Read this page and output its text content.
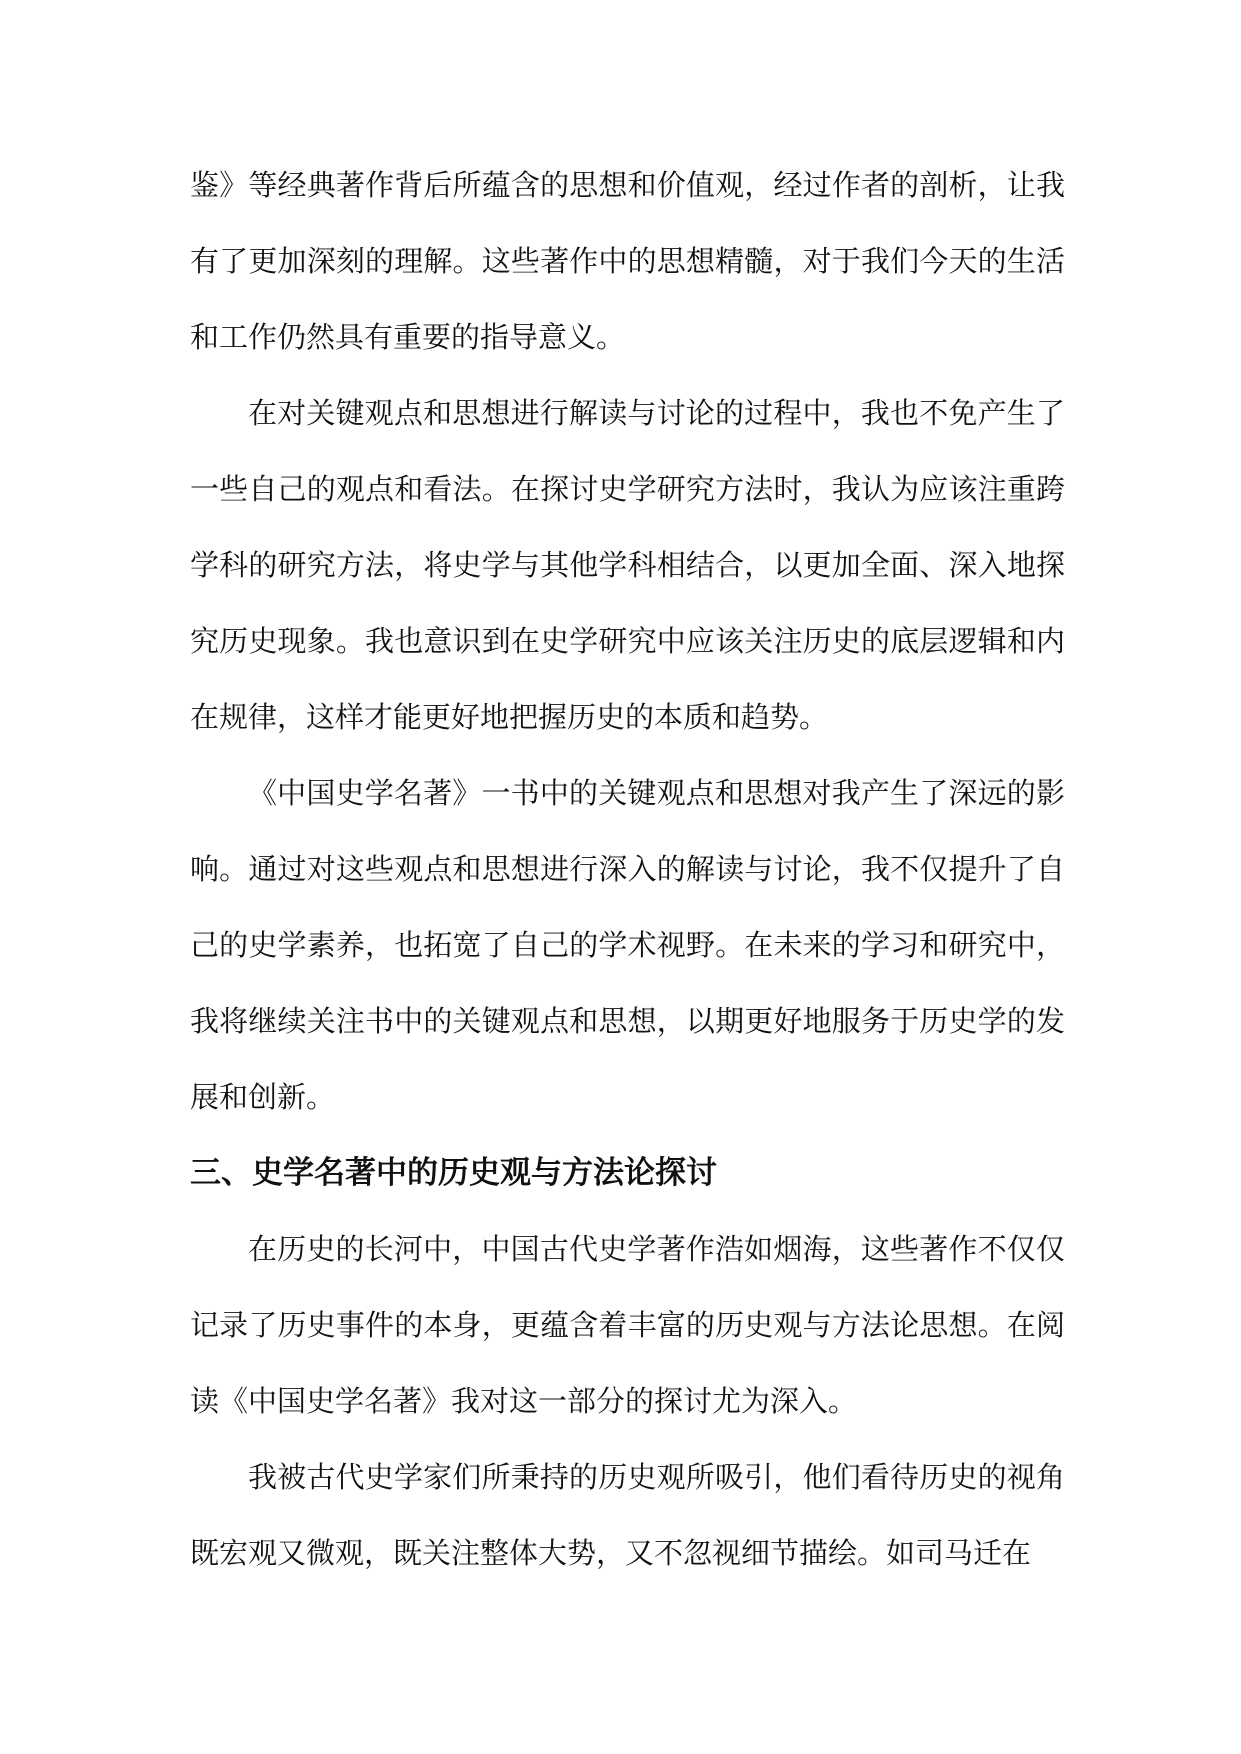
鉴》等经典著作背后所蕴含的思想和价值观，经过作者的剖析，让我有了更加深刻的理解。这些著作中的思想精髓，对于我们今天的生活和工作仍然具有重要的指导意义。

在对关键观点和思想进行解读与讨论的过程中，我也不免产生了一些自己的观点和看法。在探讨史学研究方法时，我认为应该注重跨学科的研究方法，将史学与其他学科相结合，以更加全面、深入地探究历史现象。我也意识到在史学研究中应该关注历史的底层逻辑和内在规律，这样才能更好地把握历史的本质和趋势。

《中国史学名著》一书中的关键观点和思想对我产生了深远的影响。通过对这些观点和思想进行深入的解读与讨论，我不仅提升了自己的史学素养，也拓宽了自己的学术视野。在未来的学习和研究中，我将继续关注书中的关键观点和思想，以期更好地服务于历史学的发展和创新。

三、史学名著中的历史观与方法论探讨

在历史的长河中，中国古代史学著作浩如烟海，这些著作不仅仅记录了历史事件的本身，更蕴含着丰富的历史观与方法论思想。在阅读《中国史学名著》我对这一部分的探讨尤为深入。

我被古代史学家们所秉持的历史观所吸引，他们看待历史的视角既宏观又微观，既关注整体大势，又不忽视细节描绘。如司马迁在
